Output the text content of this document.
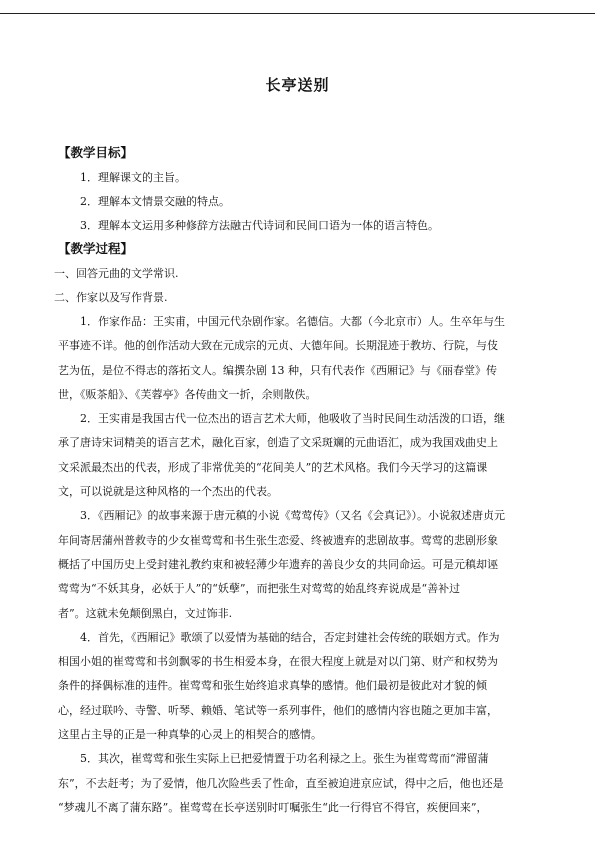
长亭送别

【教学目标】

1．理解课文的主旨。

2．理解本文情景交融的特点。

3．理解本文运用多种修辞方法融古代诗词和民间口语为一体的语言特色。

【教学过程】

一、回答元曲的文学常识.

二、作家以及写作背景.

1．作家作品：王实甫，中国元代杂剧作家。名德信。大都（今北京市）人。生卒年与生
平事迹不详。他的创作活动大致在元成宗的元贞、大德年间。长期混迹于教坊、行院，与伎
艺为伍，是位不得志的落拓文人。编撰杂剧 13 种，只有代表作《西厢记》与《丽春堂》传
世，《贩茶船》、《芙蓉亭》各传曲文一折，余则散佚。
2．王实甫是我国古代一位杰出的语言艺术大师，他吸收了当时民间生动活泼的口语，继
承了唐诗宋词精美的语言艺术，融化百家，创造了文采斑斓的元曲语汇，成为我国戏曲史上
文采派最杰出的代表，形成了非常优美的“花间美人”的艺术风格。我们今天学习的这篇课
文，可以说就是这种风格的一个杰出的代表。
3．《西厢记》的故事来源于唐元稹的小说《莺莺传》（又名《会真记》）。小说叙述唐贞元
年间寄居蒲州普救寺的少女崔莺莺和书生张生恋爱、终被遗弃的悲剧故事。莺莺的悲剧形象
概括了中国历史上受封建礼教约束和被轻薄少年遗弃的善良少女的共同命运。可是元稹却诬
莺莺为“不妖其身，必妖于人”的“妖孽”，而把张生对莺莺的始乱终弃说成是“善补过
者”。这就未免颠倒黑白，文过饰非.
4．首先，《西厢记》歌颂了以爱情为基础的结合，否定封建社会传统的联姻方式。作为
相国小姐的崔莺莺和书剑飘零的书生相爱本身，在很大程度上就是对以门第、财产和权势为
条件的择偶标准的违件。崔莺莺和张生始终追求真挚的感情。他们最初是彼此对才貌的倾
心，经过联吟、寺警、听琴、赖婚、笔试等一系列事件，他们的感情内容也随之更加丰富，
这里占主导的正是一种真挚的心灵上的相契合的感情。
5．其次，崔莺莺和张生实际上已把爱情置于功名利禄之上。张生为崔莺莺而“滞留蒲
东”，不去赶考；为了爱情，他几次险些丢了性命，直至被迫进京应试，得中之后，他也还是
“梦魂儿不离了蒲东路”。崔莺莺在长亭送别时叮嘱张生“此一行得官不得官，疾便回来”，
